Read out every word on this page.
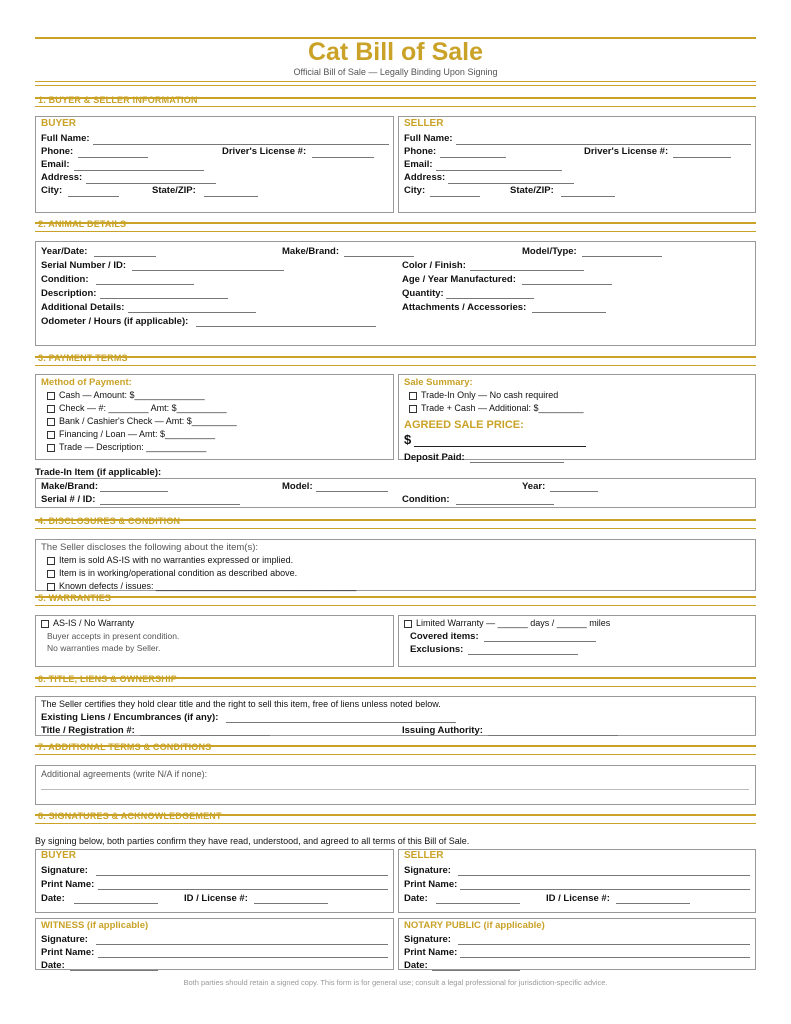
Cat Bill of Sale
Official Bill of Sale — Legally Binding Upon Signing
1. BUYER & SELLER INFORMATION
BUYER
Full Name:
Phone:	Driver's License #:
Email:
Address:
City:	State/ZIP:
SELLER
Full Name:
Phone:	Driver's License #:
Email:
Address:
City:	State/ZIP:
2. ANIMAL DETAILS
Year/Date:	Make/Brand:	Model/Type:
Serial Number / ID:	Color / Finish:
Condition:	Age / Year Manufactured:
Description:	Quantity:
Additional Details:	Attachments / Accessories:
Odometer / Hours (if applicable):
3. PAYMENT TERMS
Method of Payment:
Cash — Amount: $______________
Check — #: ________ Amt: $__________
Bank / Cashier's Check — Amt: $_________
Financing / Loan — Amt: $__________
Trade — Description: ____________
Sale Summary:
Trade-In Only — No cash required
Trade + Cash — Additional: $_________
AGREED SALE PRICE:
$
Deposit Paid:
Trade-In Item (if applicable):
Make/Brand:	Model:	Year:
Serial # / ID:	Condition:
4. DISCLOSURES & CONDITION
The Seller discloses the following about the item(s):
Item is sold AS-IS with no warranties expressed or implied.
Item is in working/operational condition as described above.
Known defects / issues: ________________________________________
5. WARRANTIES
AS-IS / No Warranty
Buyer accepts in present condition.
No warranties made by Seller.
Limited Warranty — ______ days / ______ miles
Covered items:
Exclusions:
6. TITLE, LIENS & OWNERSHIP
The Seller certifies they hold clear title and the right to sell this item, free of liens unless noted below.
Existing Liens / Encumbrances (if any):
Title / Registration #:	Issuing Authority:
7. ADDITIONAL TERMS & CONDITIONS
Additional agreements (write N/A if none):
8. SIGNATURES & ACKNOWLEDGEMENT
By signing below, both parties confirm they have read, understood, and agreed to all terms of this Bill of Sale.
BUYER
Signature:
Print Name:
Date:	ID / License #:
SELLER
Signature:
Print Name:
Date:	ID / License #:
WITNESS (if applicable)
Signature:
Print Name:
Date:
NOTARY PUBLIC (if applicable)
Signature:
Print Name:
Date:
Both parties should retain a signed copy. This form is for general use; consult a legal professional for jurisdiction-specific advice.
